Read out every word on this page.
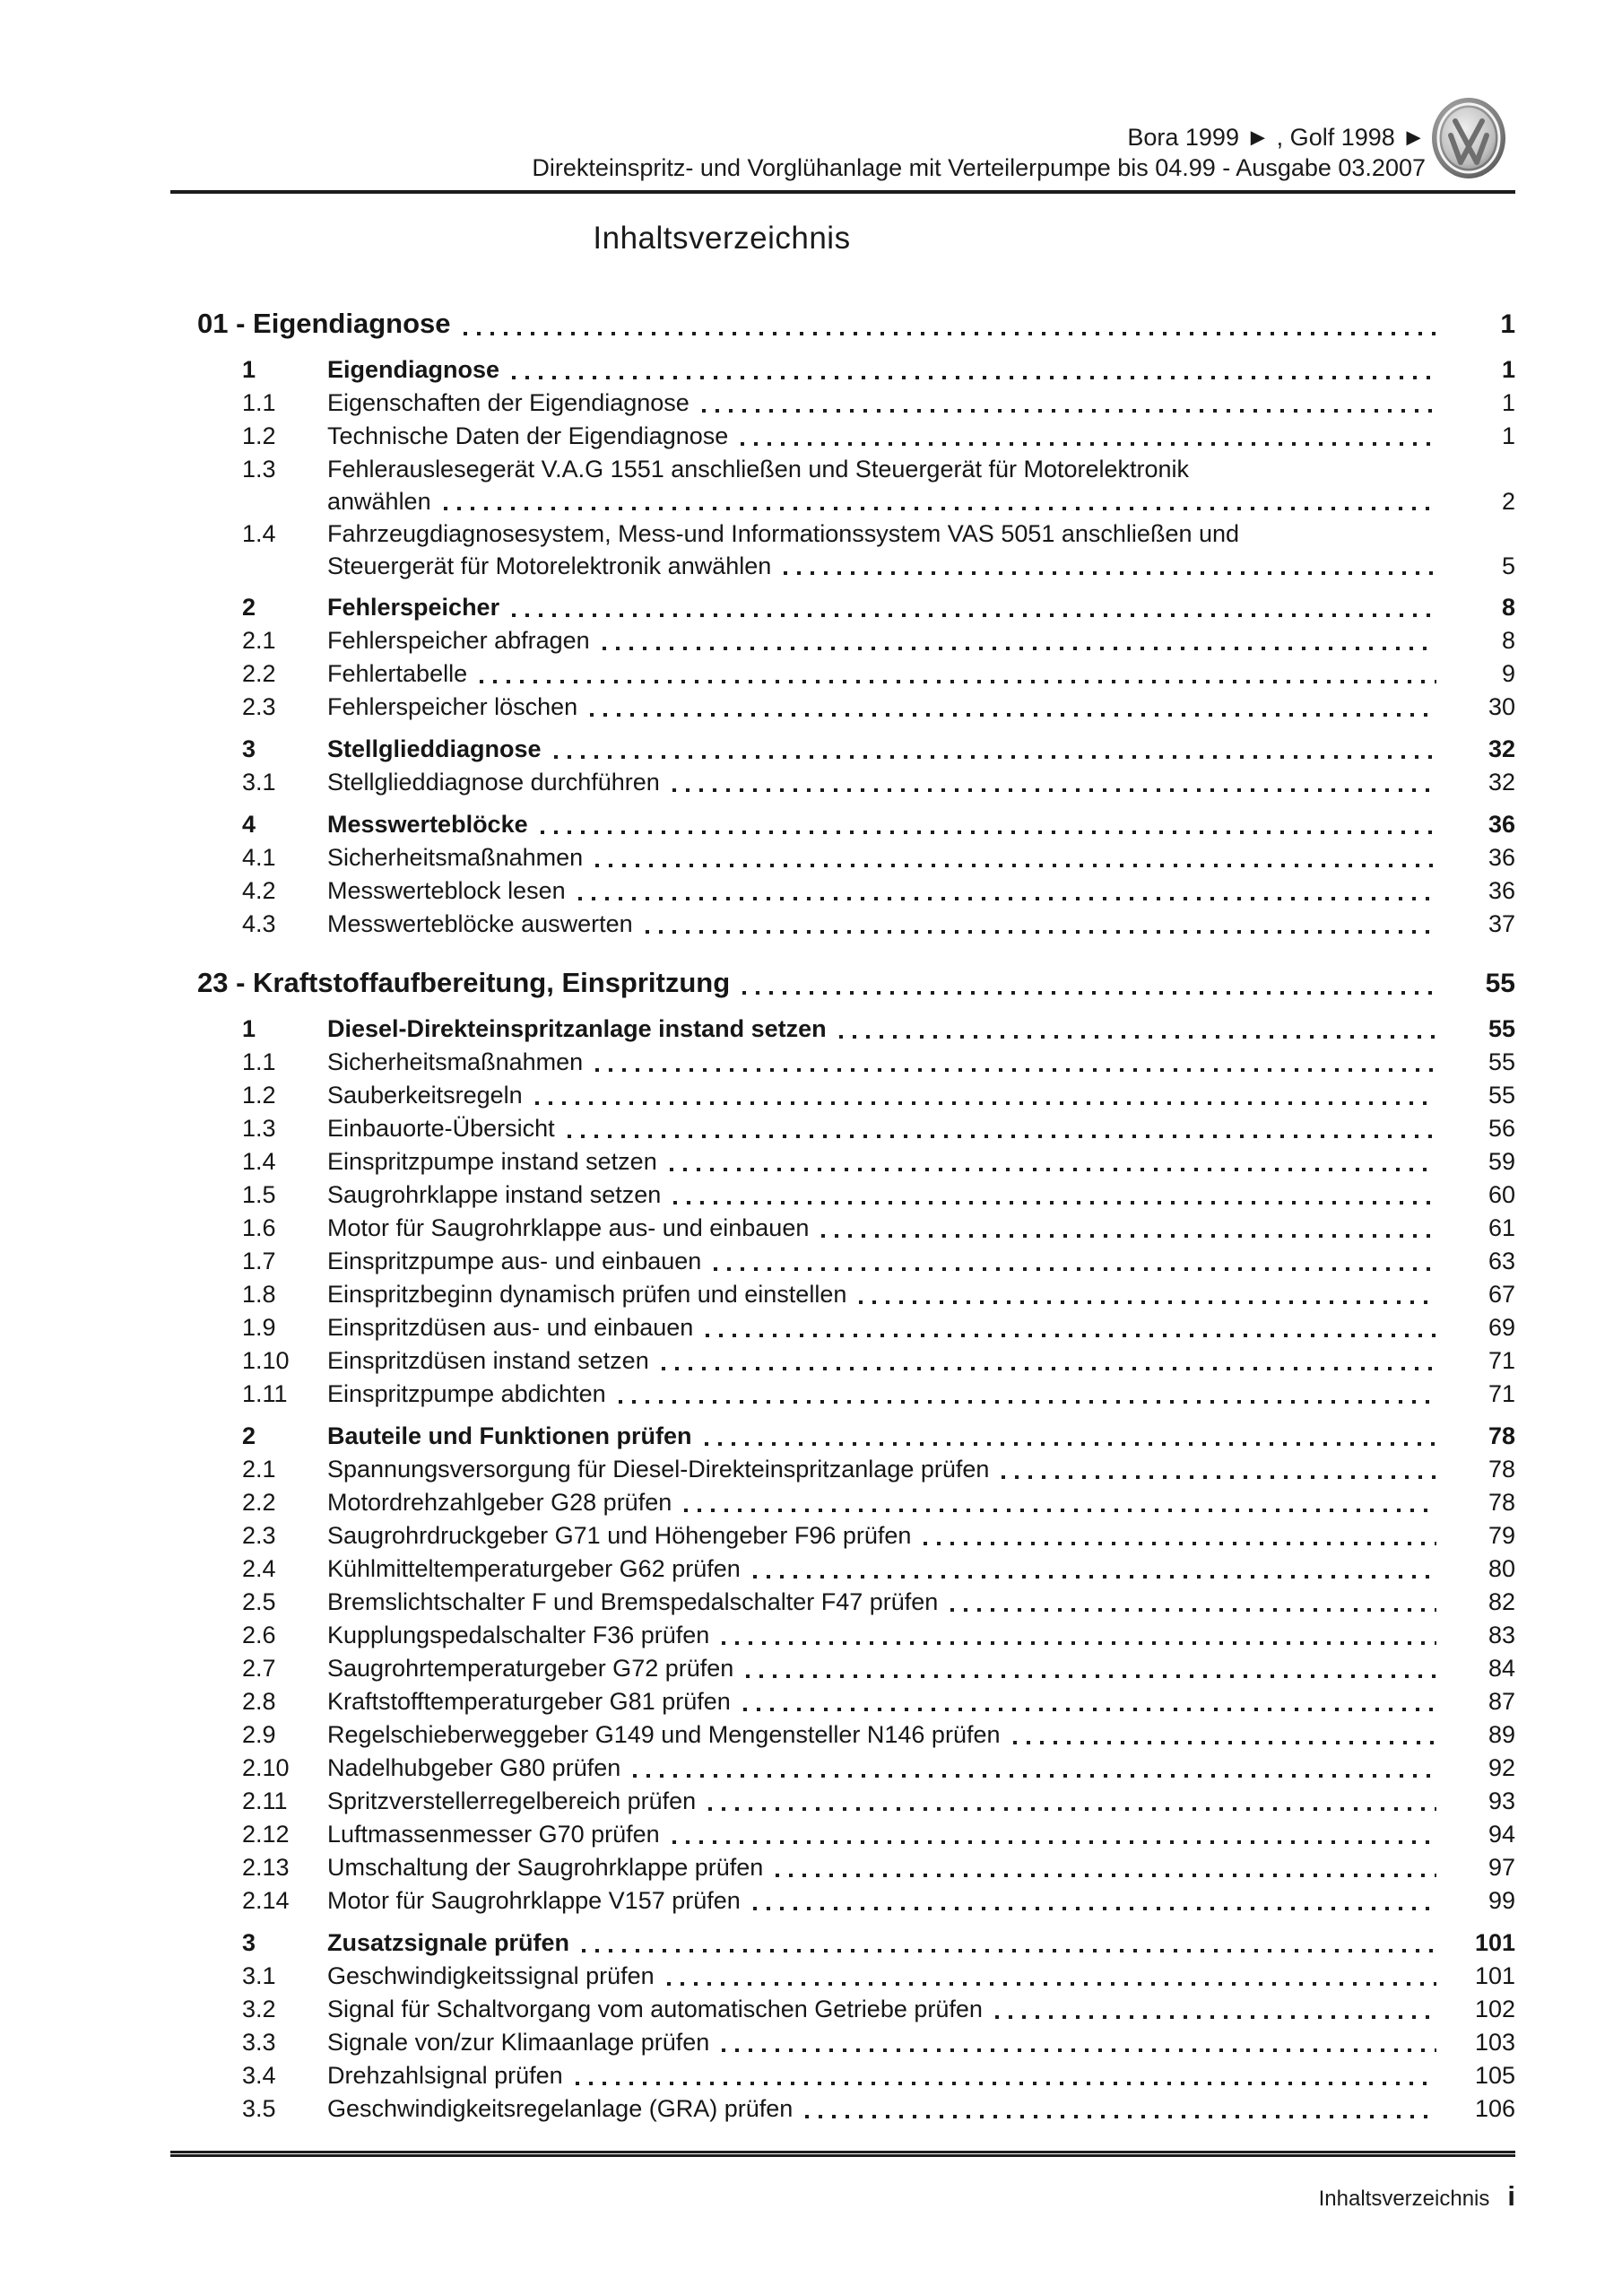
Bora 1999 ► , Golf 1998 ►
Direkteinspritz- und Vorglühanlage mit Verteilerpumpe bis 04.99 - Ausgabe 03.2007
Inhaltsverzeichnis
01 - Eigendiagnose	1
1	Eigendiagnose	1
1.1	Eigenschaften der Eigendiagnose	1
1.2	Technische Daten der Eigendiagnose	1
1.3	Fehlerauslesegerät V.A.G 1551 anschließen und Steuergerät für Motorelektronik
anwählen	2
1.4	Fahrzeugdiagnosesystem, Mess-und Informationssystem VAS 5051 anschließen und
Steuergerät für Motorelektronik anwählen	5
2	Fehlerspeicher	8
2.1	Fehlerspeicher abfragen	8
2.2	Fehlertabelle	9
2.3	Fehlerspeicher löschen	30
3	Stellglieddiagnose	32
3.1	Stellglieddiagnose durchführen	32
4	Messwerteblöcke	36
4.1	Sicherheitsmaßnahmen	36
4.2	Messwerteblock lesen	36
4.3	Messwerteblöcke auswerten	37
23 - Kraftstoffaufbereitung, Einspritzung	55
1	Diesel-Direkteinspritzanlage instand setzen	55
1.1	Sicherheitsmaßnahmen	55
1.2	Sauberkeitsregeln	55
1.3	Einbauorte-Übersicht	56
1.4	Einspritzpumpe instand setzen	59
1.5	Saugrohrklappe instand setzen	60
1.6	Motor für Saugrohrklappe aus- und einbauen	61
1.7	Einspritzpumpe aus- und einbauen	63
1.8	Einspritzbeginn dynamisch prüfen und einstellen	67
1.9	Einspritzdüsen aus- und einbauen	69
1.10	Einspritzdüsen instand setzen	71
1.11	Einspritzpumpe abdichten	71
2	Bauteile und Funktionen prüfen	78
2.1	Spannungsversorgung für Diesel-Direkteinspritzanlage prüfen	78
2.2	Motordrehzahlgeber G28 prüfen	78
2.3	Saugrohrdruckgeber G71 und Höhengeber F96 prüfen	79
2.4	Kühlmitteltemperaturgeber G62 prüfen	80
2.5	Bremslichtschalter F und Bremspedalschalter F47 prüfen	82
2.6	Kupplungspedalschalter F36 prüfen	83
2.7	Saugrohrtemperaturgeber G72 prüfen	84
2.8	Kraftstofftemperaturgeber G81 prüfen	87
2.9	Regelschieberweggeber G149 und Mengensteller N146 prüfen	89
2.10	Nadelhubgeber G80 prüfen	92
2.11	Spritzverstellerregelbereich prüfen	93
2.12	Luftmassenmesser G70 prüfen	94
2.13	Umschaltung der Saugrohrklappe prüfen	97
2.14	Motor für Saugrohrklappe V157 prüfen	99
3	Zusatzsignale prüfen	101
3.1	Geschwindigkeitssignal prüfen	101
3.2	Signal für Schaltvorgang vom automatischen Getriebe prüfen	102
3.3	Signale von/zur Klimaanlage prüfen	103
3.4	Drehzahlsignal prüfen	105
3.5	Geschwindigkeitsregelanlage (GRA) prüfen	106
Inhaltsverzeichnis i
